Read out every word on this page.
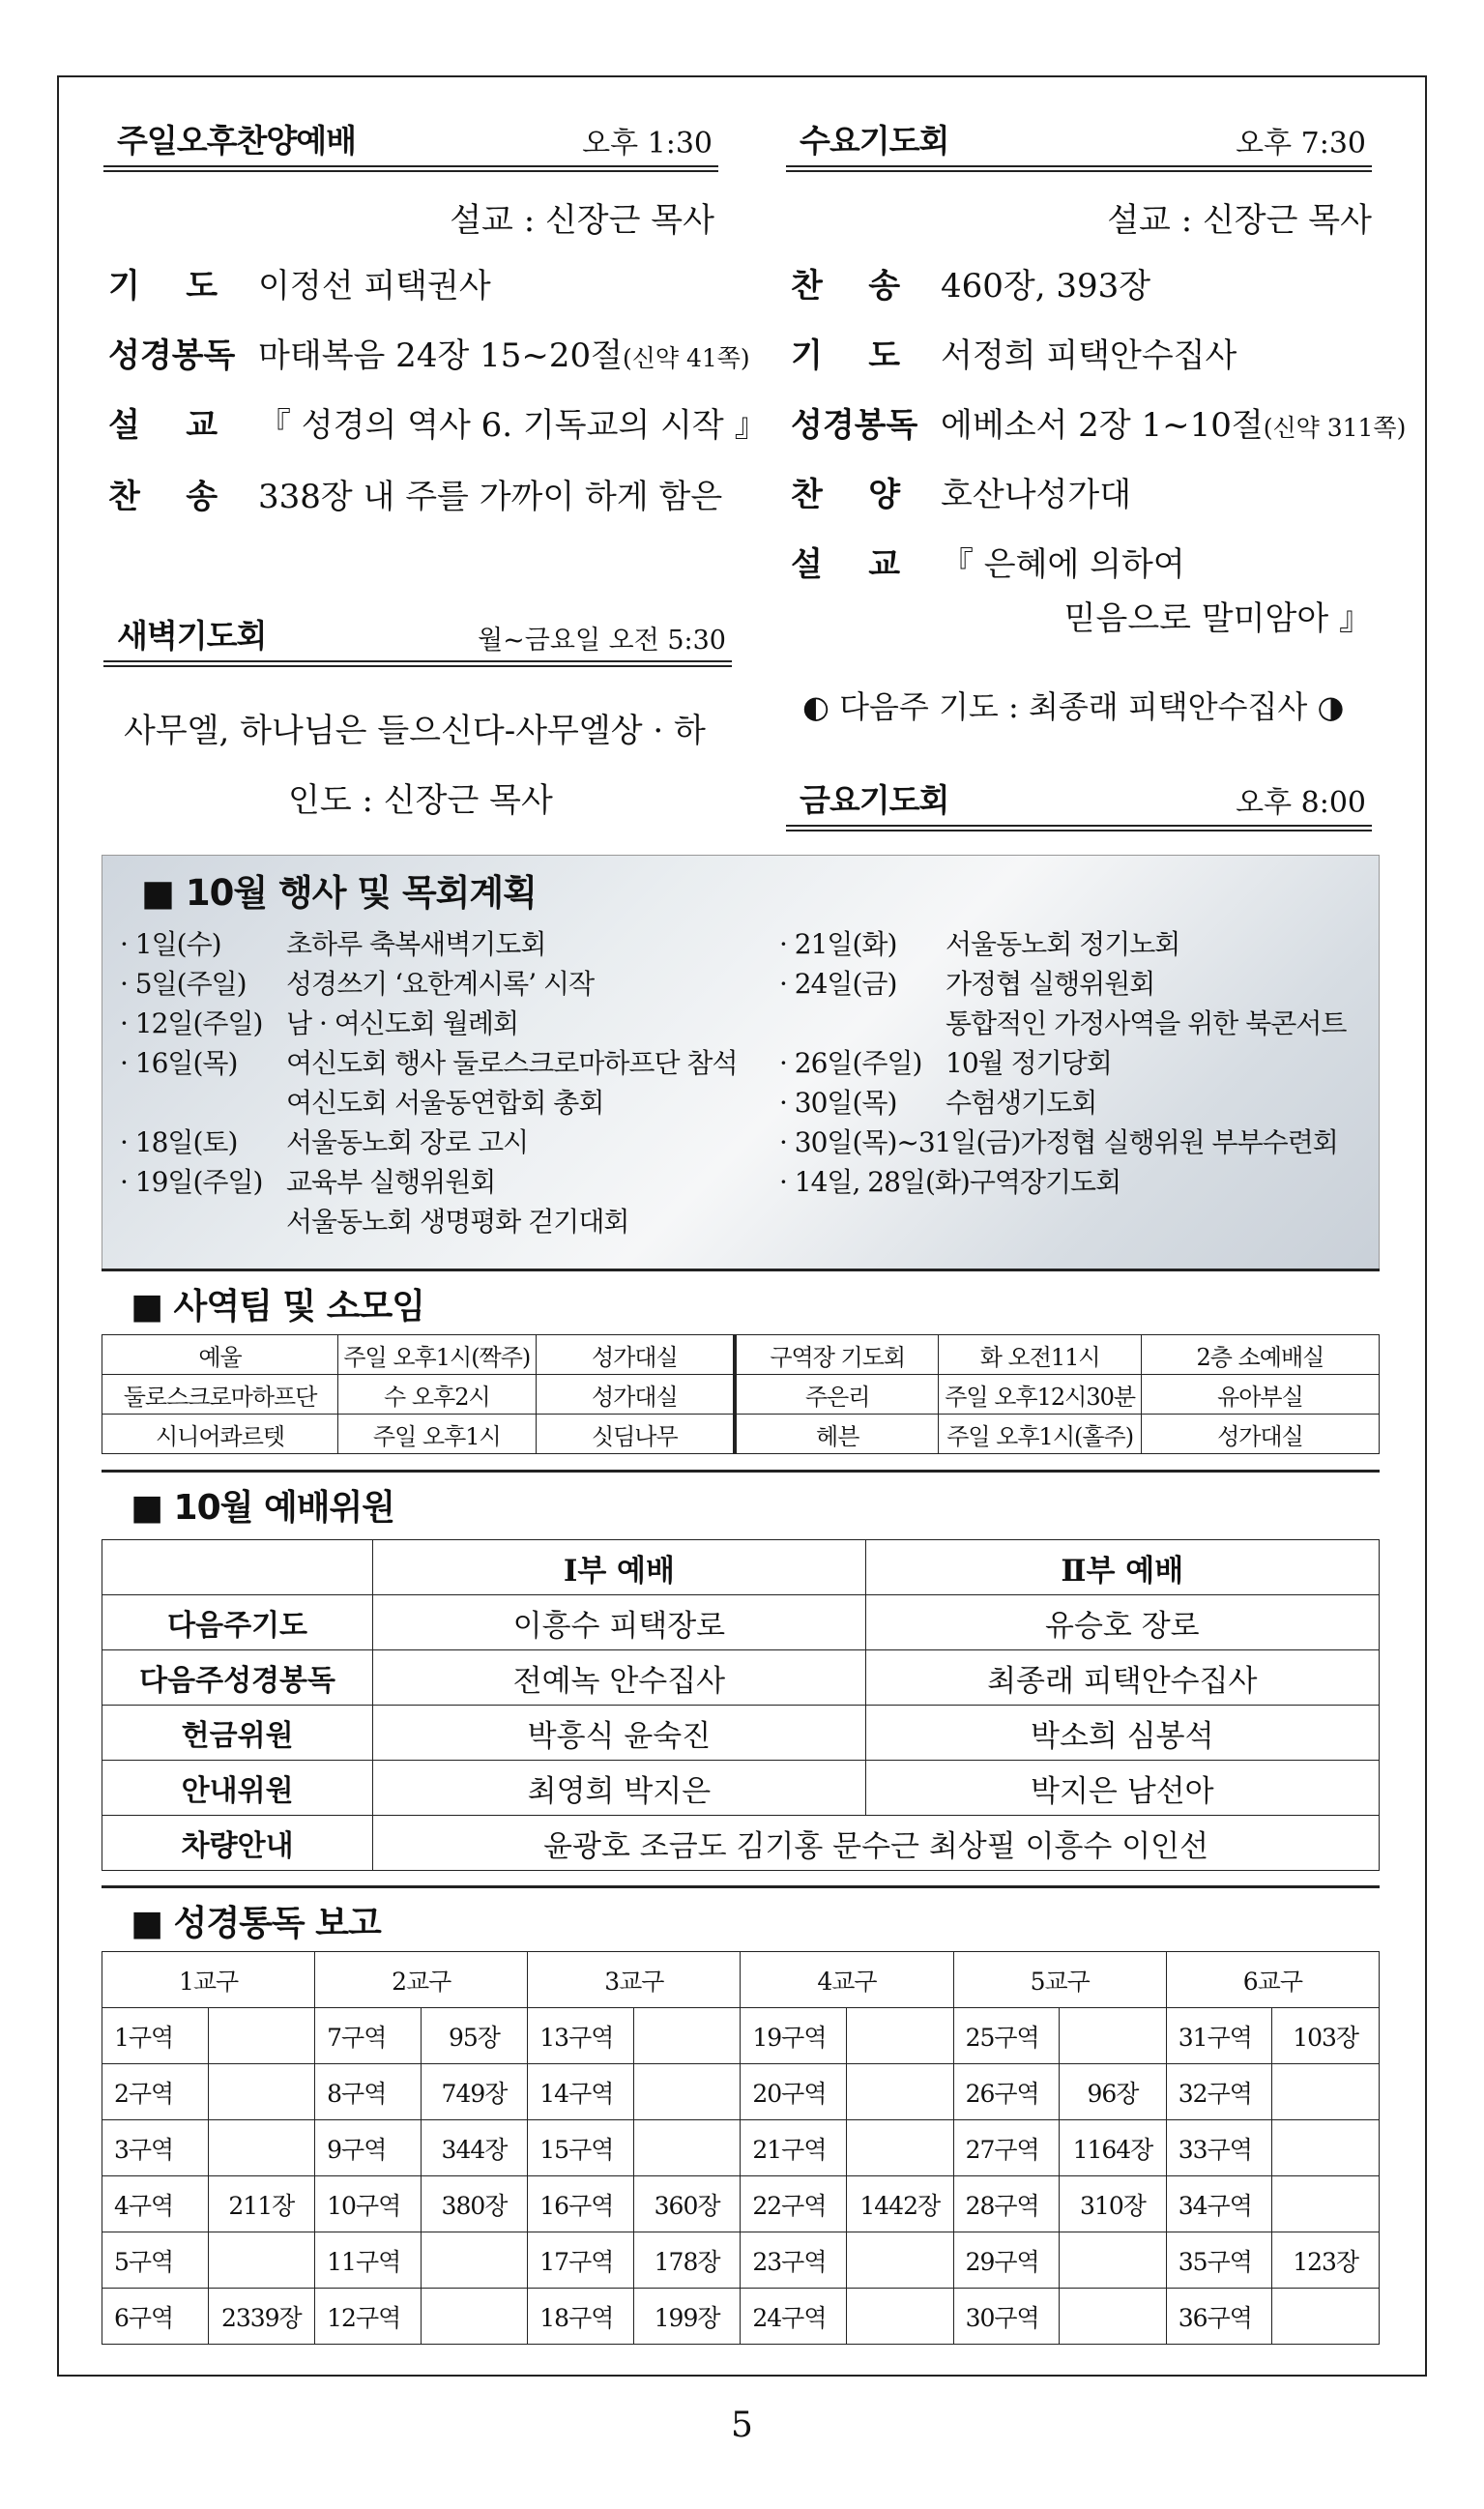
주일오후찬양예배	오후 1:30
설교 : 신장근 목사
기    도 이정선 피택권사
성경봉독 마태복음 24장 15~20절(신약 41쪽)
설    교 『 성경의 역사 6. 기독교의 시작 』
찬    송 338장 내 주를 가까이 하게 함은
새벽기도회	월~금요일 오전 5:30
사무엘, 하나님은 들으신다-사무엘상 · 하
인도 : 신장근 목사
수요기도회	오후 7:30
설교 : 신장근 목사
찬    송 460장, 393장
기    도 서정희 피택안수집사
성경봉독 에베소서 2장 1~10절(신약 311쪽)
찬    양 호산나성가대
설    교 『 은혜에 의하여
믿음으로 말미암아 』
◐ 다음주 기도 : 최종래 피택안수집사 ◑
금요기도회	오후 8:00
■ 10월 행사 및 목회계획
· 1일(수) 초하루 축복새벽기도회
· 5일(주일) 성경쓰기 ‘요한계시록’ 시작
· 12일(주일) 남 · 여신도회 월례회
· 16일(목) 여신도회 행사 둘로스크로마하프단 참석
여신도회 서울동연합회 총회
· 18일(토) 서울동노회 장로 고시
· 19일(주일) 교육부 실행위원회
서울동노회 생명평화 걷기대회
· 21일(화) 서울동노회 정기노회
· 24일(금) 가정협 실행위원회
통합적인 가정사역을 위한 북콘서트
· 26일(주일) 10월 정기당회
· 30일(목) 수험생기도회
· 30일(목)~31일(금)가정협 실행위원 부부수련회
· 14일, 28일(화)구역장기도회
■ 사역팀 및 소모임
예울	주일 오후1시(짝주)	성가대실	구역장 기도회	화 오전11시	2층 소예배실
둘로스크로마하프단	수 오후2시	성가대실	주은리	주일 오후12시30분	유아부실
시니어콰르텟	주일 오후1시	싯딤나무	헤븐	주일 오후1시(홀주)	성가대실
■ 10월 예배위원
	Ⅰ부 예배	Ⅱ부 예배
다음주기도	이흥수 피택장로	유승호 장로
다음주성경봉독	전예녹 안수집사	최종래 피택안수집사
헌금위원	박흥식 윤숙진	박소희 심봉석
안내위원	최영희 박지은	박지은 남선아
차량안내	윤광호 조금도 김기홍 문수근 최상필 이흥수 이인선	
■ 성경통독 보고
1교구		2교구		3교구		4교구		5교구		6교구	
1구역		7구역	95장	13구역		19구역		25구역		31구역	103장
2구역		8구역	749장	14구역		20구역		26구역	96장	32구역	
3구역		9구역	344장	15구역		21구역		27구역	1164장	33구역	
4구역	211장	10구역	380장	16구역	360장	22구역	1442장	28구역	310장	34구역	
5구역		11구역		17구역	178장	23구역		29구역		35구역	123장
6구역	2339장	12구역		18구역	199장	24구역		30구역		36구역	
5
